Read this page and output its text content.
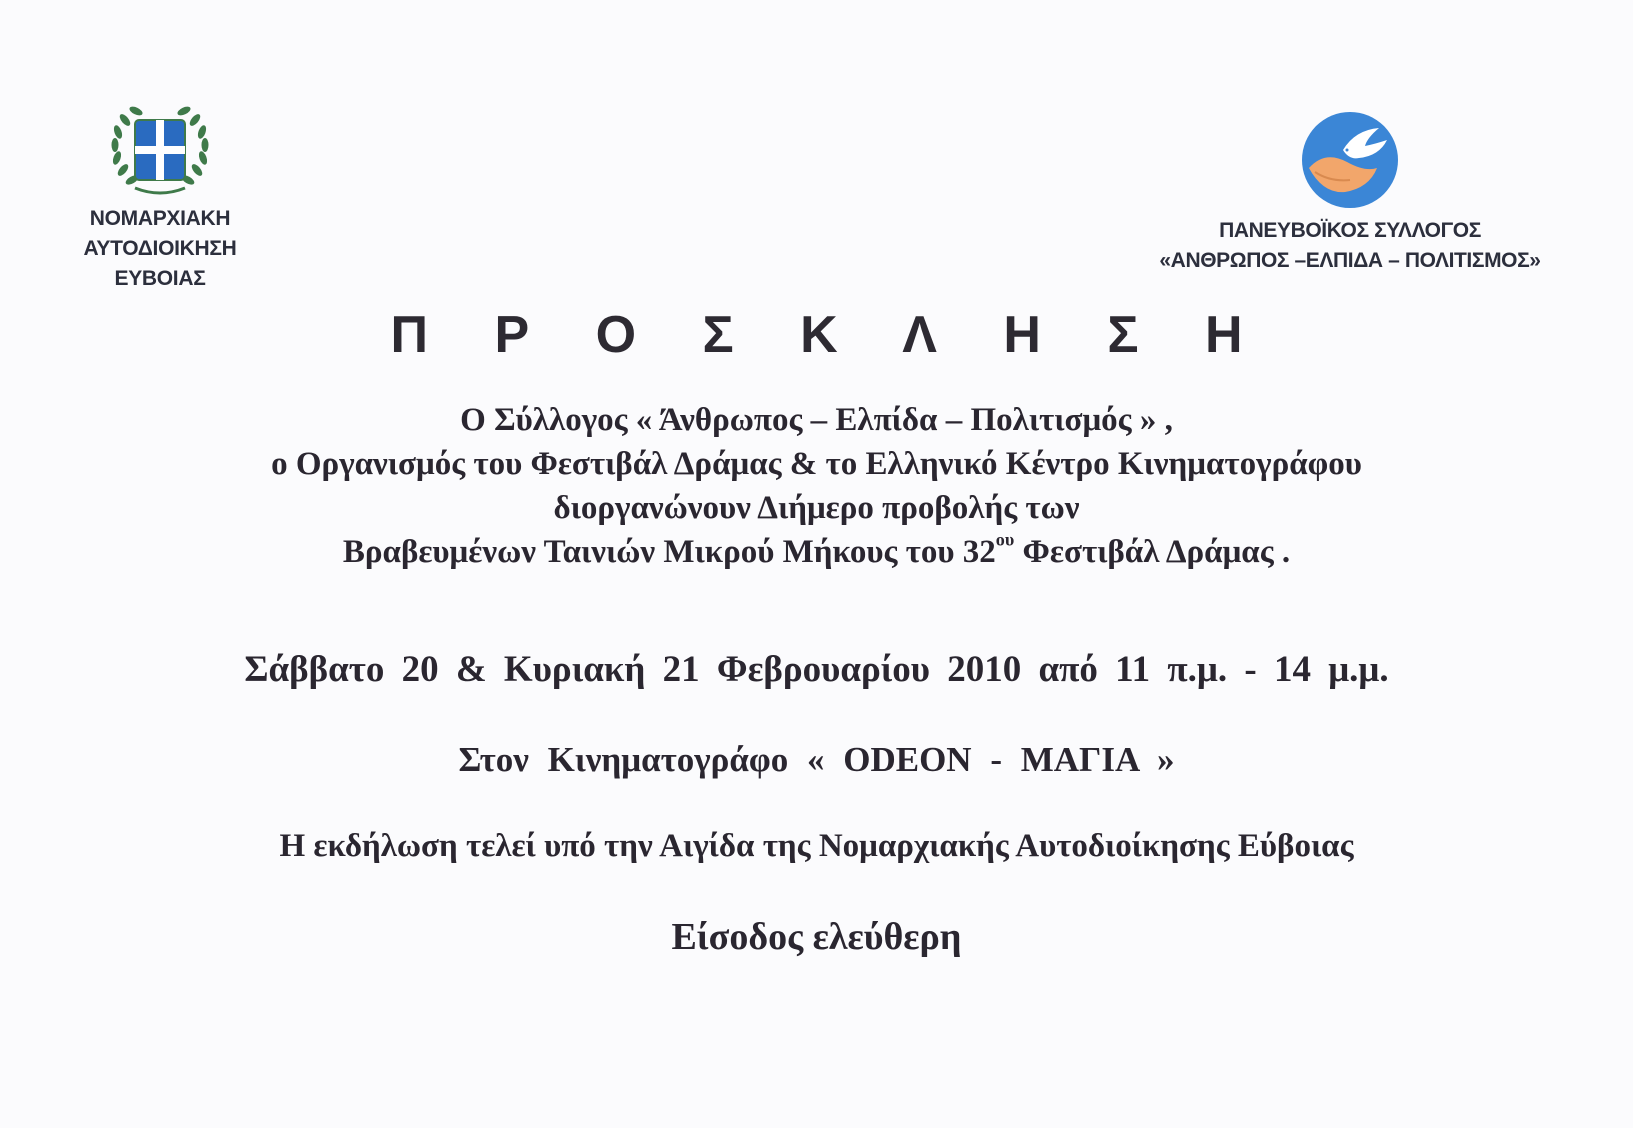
ΝΟΜΑΡΧΙΑΚΗ
ΑΥΤΟΔΙΟΙΚΗΣΗ
ΕΥΒΟΙΑΣ
ΠΑΝΕΥΒΟΪΚΟΣ ΣΥΛΛΟΓΟΣ
«ΑΝΘΡΩΠΟΣ –ΕΛΠΙΔΑ – ΠΟΛΙΤΙΣΜΟΣ»
Π Ρ Ο Σ Κ Λ Η Σ Η
Ο Σύλλογος « Άνθρωπος – Ελπίδα – Πολιτισμός » ,
ο Οργανισμός του Φεστιβάλ Δράμας & το Ελληνικό Κέντρο Κινηματογράφου
διοργανώνουν Διήμερο προβολής των
Βραβευμένων Ταινιών Μικρού Μήκους του $32^{o\upsilon}$ Φεστιβάλ Δράμας .
Σάββατο 20 & Κυριακή 21 Φεβρουαρίου 2010 από 11 π.μ. - 14 μ.μ.
Στον Κινηματογράφο « ODEON - ΜΑΓΙΑ »
Η εκδήλωση τελεί υπό την Αιγίδα της Νομαρχιακής Αυτοδιοίκησης Εύβοιας
Είσοδος ελεύθερη
